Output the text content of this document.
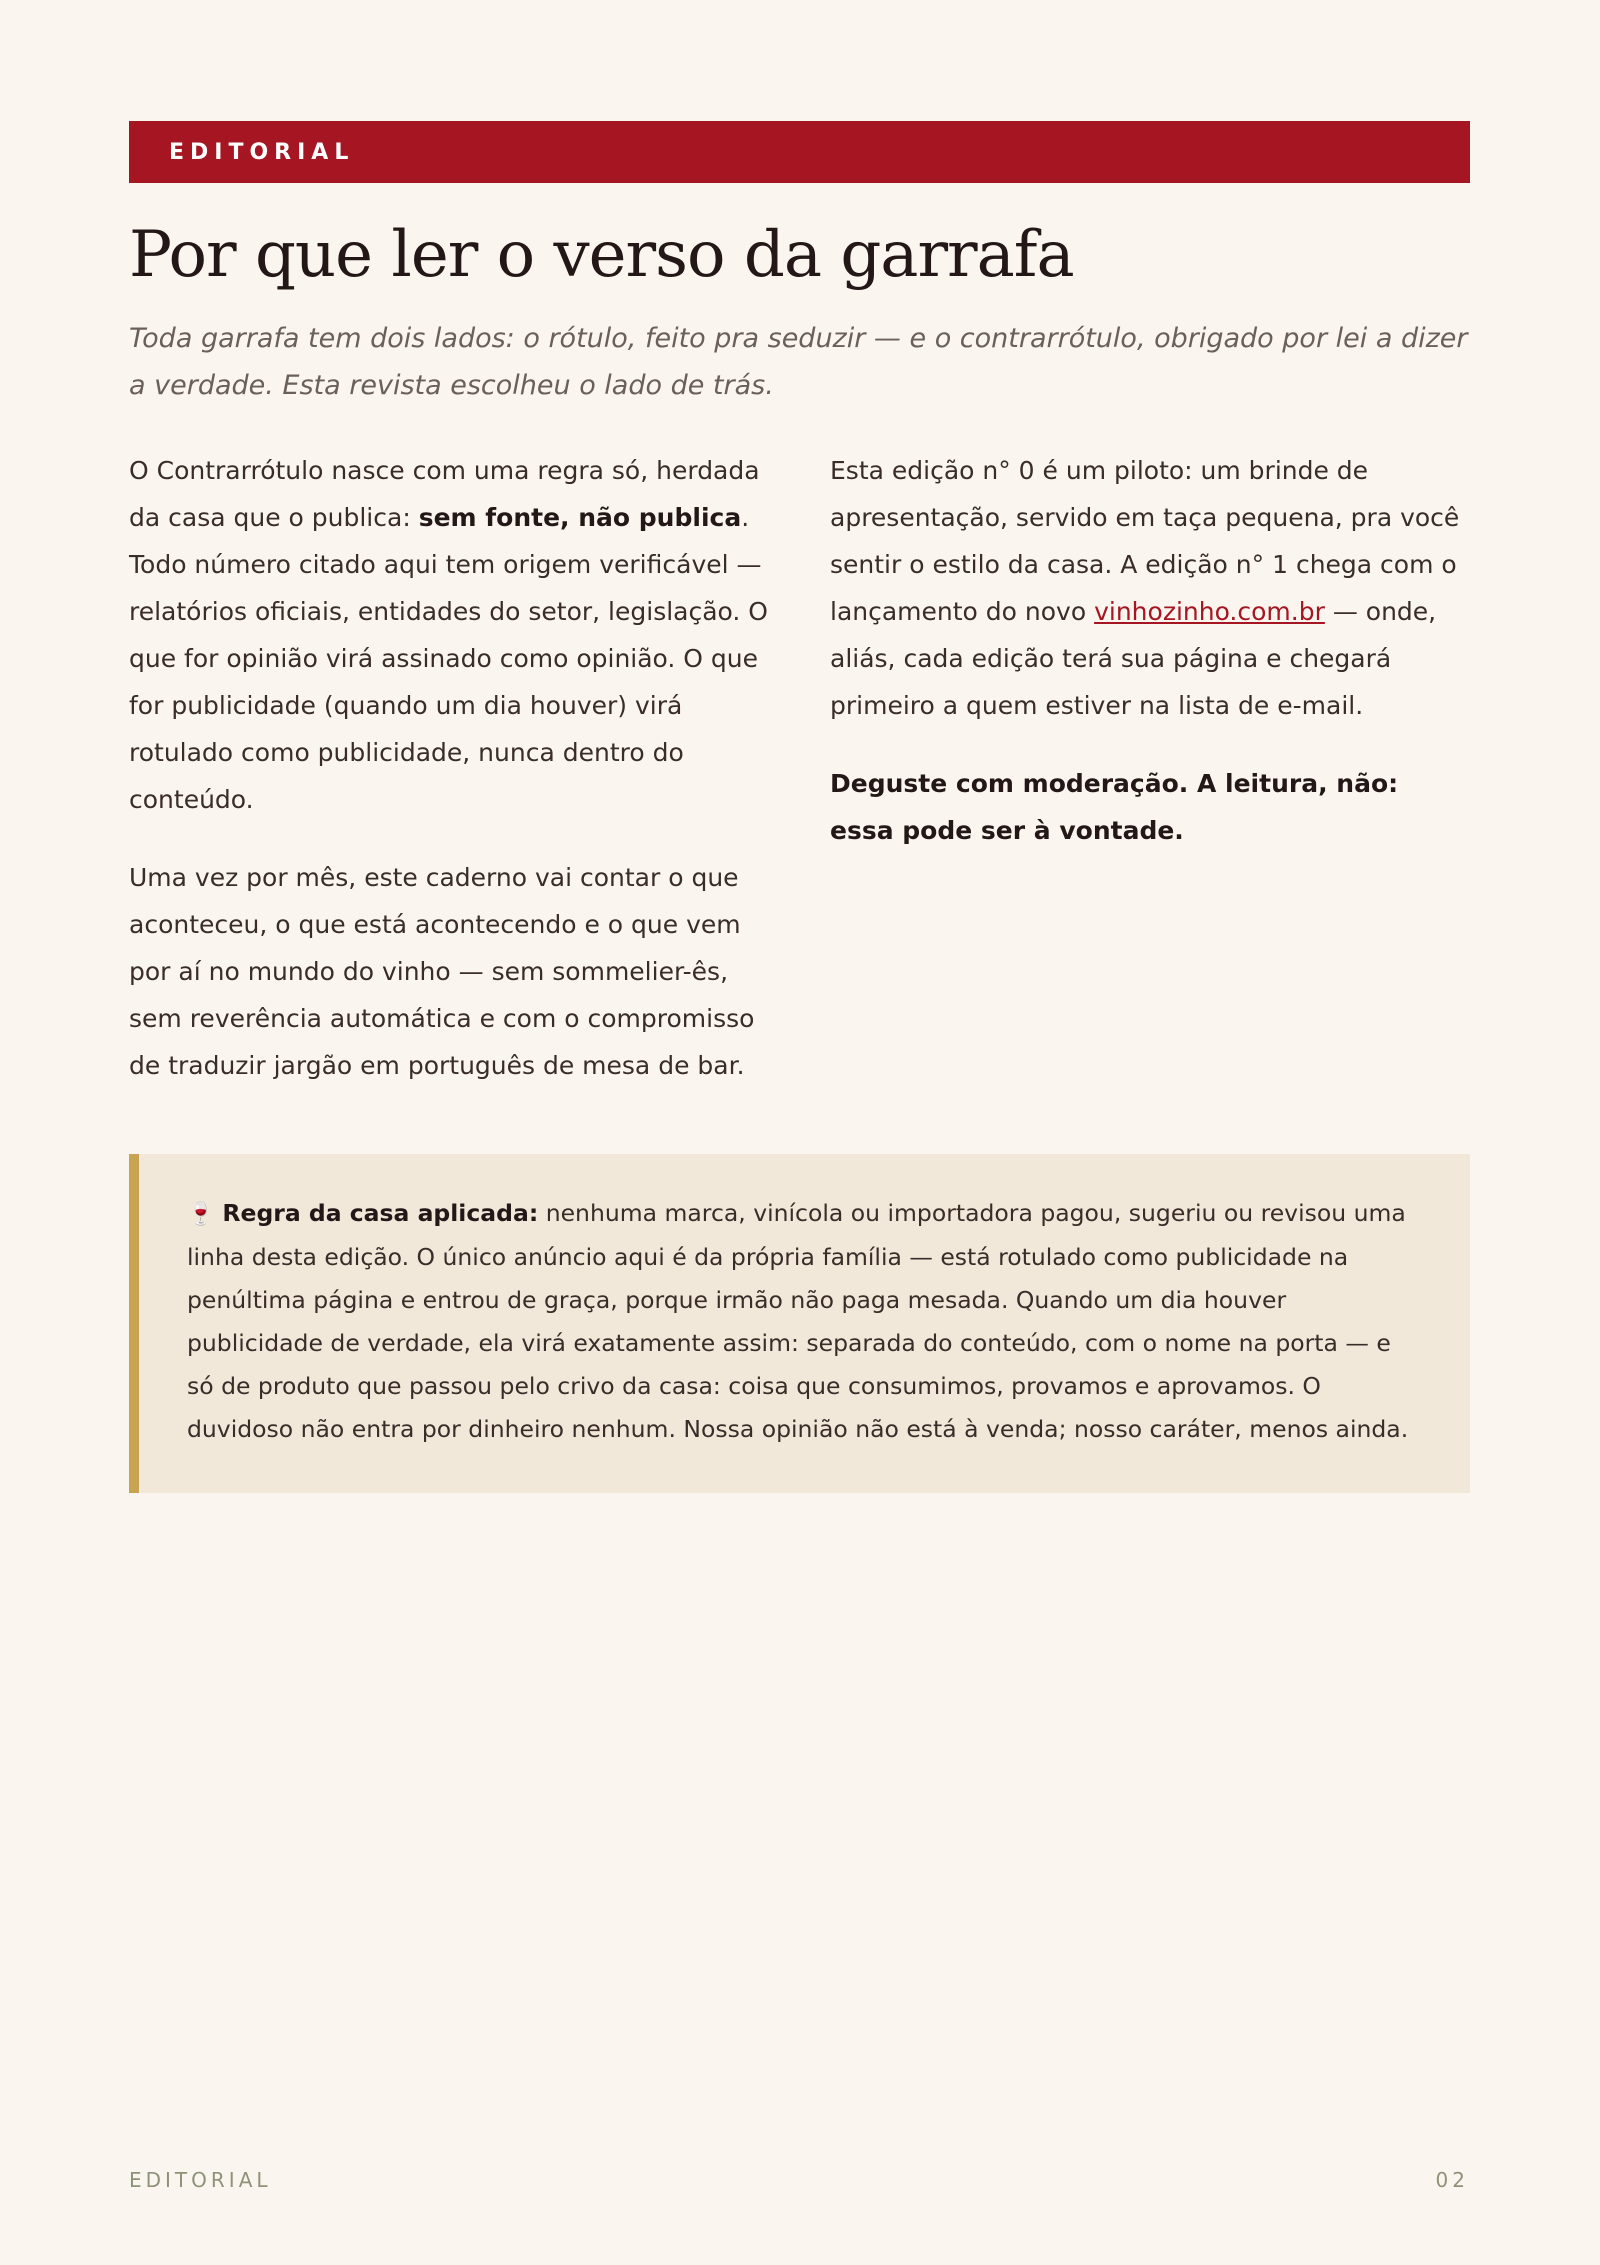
EDITORIAL
Por que ler o verso da garrafa

Toda garrafa tem dois lados: o rótulo, feito pra seduzir — e o contrarrótulo, obrigado por lei a dizer a verdade. Esta revista escolheu o lado de trás.

O Contrarrótulo nasce com uma regra só, herdada da casa que o publica: sem fonte, não publica. Todo número citado aqui tem origem verificável — relatórios oficiais, entidades do setor, legislação. O que for opinião virá assinado como opinião. O que for publicidade (quando um dia houver) virá rotulado como publicidade, nunca dentro do conteúdo.

Uma vez por mês, este caderno vai contar o que aconteceu, o que está acontecendo e o que vem por aí no mundo do vinho — sem sommelier-ês, sem reverência automática e com o compromisso de traduzir jargão em português de mesa de bar.

Esta edição n° 0 é um piloto: um brinde de apresentação, servido em taça pequena, pra você sentir o estilo da casa. A edição n° 1 chega com o lançamento do novo vinhozinho.com.br — onde, aliás, cada edição terá sua página e chegará primeiro a quem estiver na lista de e-mail.

Deguste com moderação. A leitura, não: essa pode ser à vontade.

🍷 Regra da casa aplicada: nenhuma marca, vinícola ou importadora pagou, sugeriu ou revisou uma linha desta edição. O único anúncio aqui é da própria família — está rotulado como publicidade na penúltima página e entrou de graça, porque irmão não paga mesada. Quando um dia houver publicidade de verdade, ela virá exatamente assim: separada do conteúdo, com o nome na porta — e só de produto que passou pelo crivo da casa: coisa que consumimos, provamos e aprovamos. O duvidoso não entra por dinheiro nenhum. Nossa opinião não está à venda; nosso caráter, menos ainda.
EDITORIAL	02
